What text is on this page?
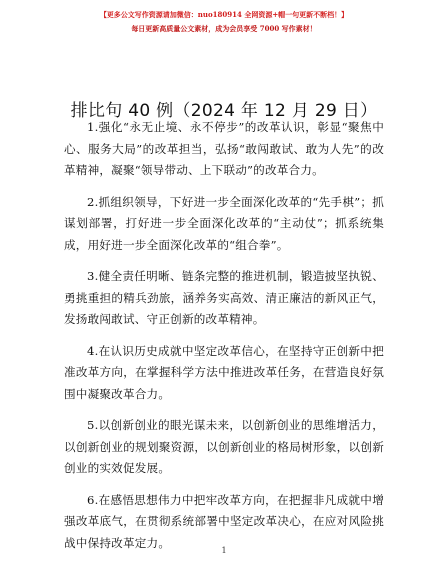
【更多公文写作资源请加微信：nuo180914 全网资源+帽一句更新不断档！】
每日更新高质量公文素材，成为会员享受 7000 写作素材！
排比句 40 例（2024 年 12 月 29 日）

1.强化“永无止境、永不停步”的改革认识，彰显“聚焦中心、服务大局”的改革担当，弘扬“敢闯敢试、敢为人先”的改革精神，凝聚“领导带动、上下联动”的改革合力。

2.抓组织领导，下好进一步全面深化改革的“先手棋”；抓谋划部署，打好进一步全面深化改革的“主动仗”；抓系统集成，用好进一步全面深化改革的“组合拳”。

3.健全责任明晰、链条完整的推进机制，锻造披坚执锐、勇挑重担的精兵劲旅，涵养务实高效、清正廉洁的新风正气，发扬敢闯敢试、守正创新的改革精神。

4.在认识历史成就中坚定改革信心，在坚持守正创新中把准改革方向，在掌握科学方法中推进改革任务，在营造良好氛围中凝聚改革合力。

5.以创新创业的眼光谋未来，以创新创业的思维增活力，以创新创业的规划聚资源，以创新创业的格局树形象，以创新创业的实效促发展。

6.在感悟思想伟力中把牢改革方向，在把握非凡成就中增强改革底气，在贯彻系统部署中坚定改革决心，在应对风险挑战中保持改革定力。

1
